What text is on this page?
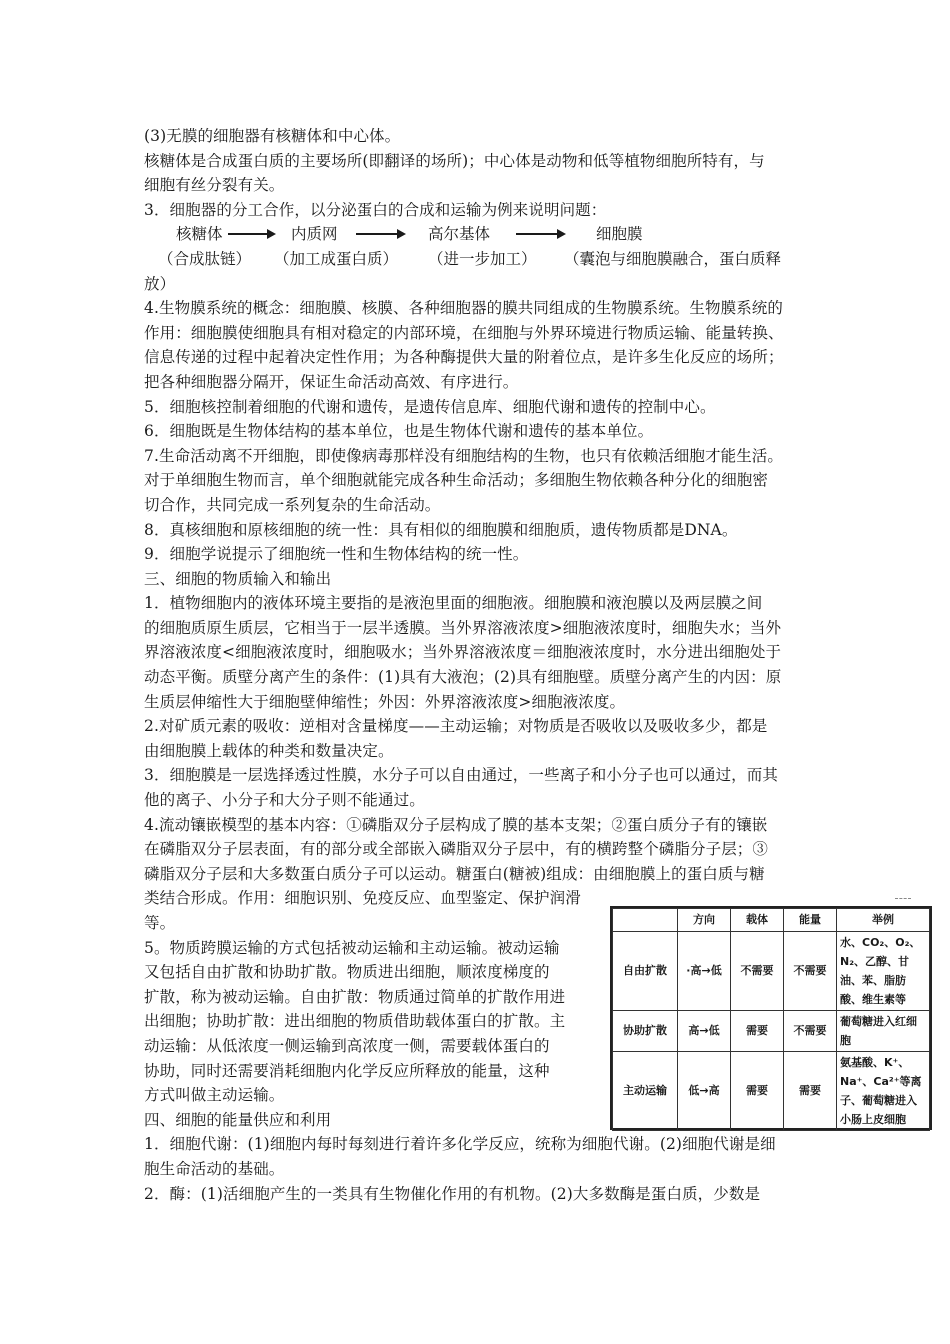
(3)无膜的细胞器有核糖体和中心体。

核糖体是合成蛋白质的主要场所(即翻译的场所)；中心体是动物和低等植物细胞所特有，与

细胞有丝分裂有关。

3．细胞器的分工合作，以分泌蛋白的合成和运输为例来说明问题：

核糖体	内质网	高尔基体	细胞膜
（合成肽链） （加工成蛋白质） （进一步加工） （囊泡与细胞膜融合，蛋白质释

放）

4.生物膜系统的概念：细胞膜、核膜、各种细胞器的膜共同组成的生物膜系统。生物膜系统的

作用：细胞膜使细胞具有相对稳定的内部环境，在细胞与外界环境进行物质运输、能量转换、

信息传递的过程中起着决定性作用；为各种酶提供大量的附着位点，是许多生化反应的场所；

把各种细胞器分隔开，保证生命活动高效、有序进行。

5．细胞核控制着细胞的代谢和遗传，是遗传信息库、细胞代谢和遗传的控制中心。

6．细胞既是生物体结构的基本单位，也是生物体代谢和遗传的基本单位。

7.生命活动离不开细胞，即使像病毒那样没有细胞结构的生物，也只有依赖活细胞才能生活。

对于单细胞生物而言，单个细胞就能完成各种生命活动；多细胞生物依赖各种分化的细胞密

切合作，共同完成一系列复杂的生命活动。

8．真核细胞和原核细胞的统一性：具有相似的细胞膜和细胞质，遗传物质都是DNA。

9．细胞学说提示了细胞统一性和生物体结构的统一性。

三、细胞的物质输入和输出

1．植物细胞内的液体环境主要指的是液泡里面的细胞液。细胞膜和液泡膜以及两层膜之间

的细胞质原生质层，它相当于一层半透膜。当外界溶液浓度>细胞液浓度时，细胞失水；当外

界溶液浓度<细胞液浓度时，细胞吸水；当外界溶液浓度＝细胞液浓度时，水分进出细胞处于

动态平衡。质壁分离产生的条件：(1)具有大液泡；(2)具有细胞壁。质壁分离产生的内因：原

生质层伸缩性大于细胞壁伸缩性；外因：外界溶液浓度>细胞液浓度。

2.对矿质元素的吸收：逆相对含量梯度——主动运输；对物质是否吸收以及吸收多少，都是

由细胞膜上载体的种类和数量决定。

3．细胞膜是一层选择透过性膜，水分子可以自由通过，一些离子和小分子也可以通过，而其

他的离子、小分子和大分子则不能通过。

4.流动镶嵌模型的基本内容：①磷脂双分子层构成了膜的基本支架；②蛋白质分子有的镶嵌

在磷脂双分子层表面，有的部分或全部嵌入磷脂双分子层中，有的横跨整个磷脂分子层；③

磷脂双分子层和大多数蛋白质分子可以运动。糖蛋白(糖被)组成：由细胞膜上的蛋白质与糖

类结合形成。作用：细胞识别、免疫反应、血型鉴定、保护润滑

等。

5。物质跨膜运输的方式包括被动运输和主动运输。被动运输

又包括自由扩散和协助扩散。物质进出细胞，顺浓度梯度的

扩散，称为被动运输。自由扩散：物质通过简单的扩散作用进

出细胞；协助扩散：进出细胞的物质借助载体蛋白的扩散。主

动运输：从低浓度一侧运输到高浓度一侧，需要载体蛋白的

协助，同时还需要消耗细胞内化学反应所释放的能量，这种

方式叫做主动运输。

四、细胞的能量供应和利用

1．细胞代谢：(1)细胞内每时每刻进行着许多化学反应，统称为细胞代谢。(2)细胞代谢是细

胞生命活动的基础。

2．酶：(1)活细胞产生的一类具有生物催化作用的有机物。(2)大多数酶是蛋白质，少数是

	方向	载体	能量	举例
自由扩散	·高→低	不需要	不需要	水、CO₂、O₂、N₂、乙醇、甘油、苯、脂肪酸、维生素等
协助扩散	高→低	需要	不需要	葡萄糖进入红细胞
主动运输	低→高	需要	需要	氨基酸、K⁺、Na⁺、Ca²⁺等离子、葡萄糖进入小肠上皮细胞
